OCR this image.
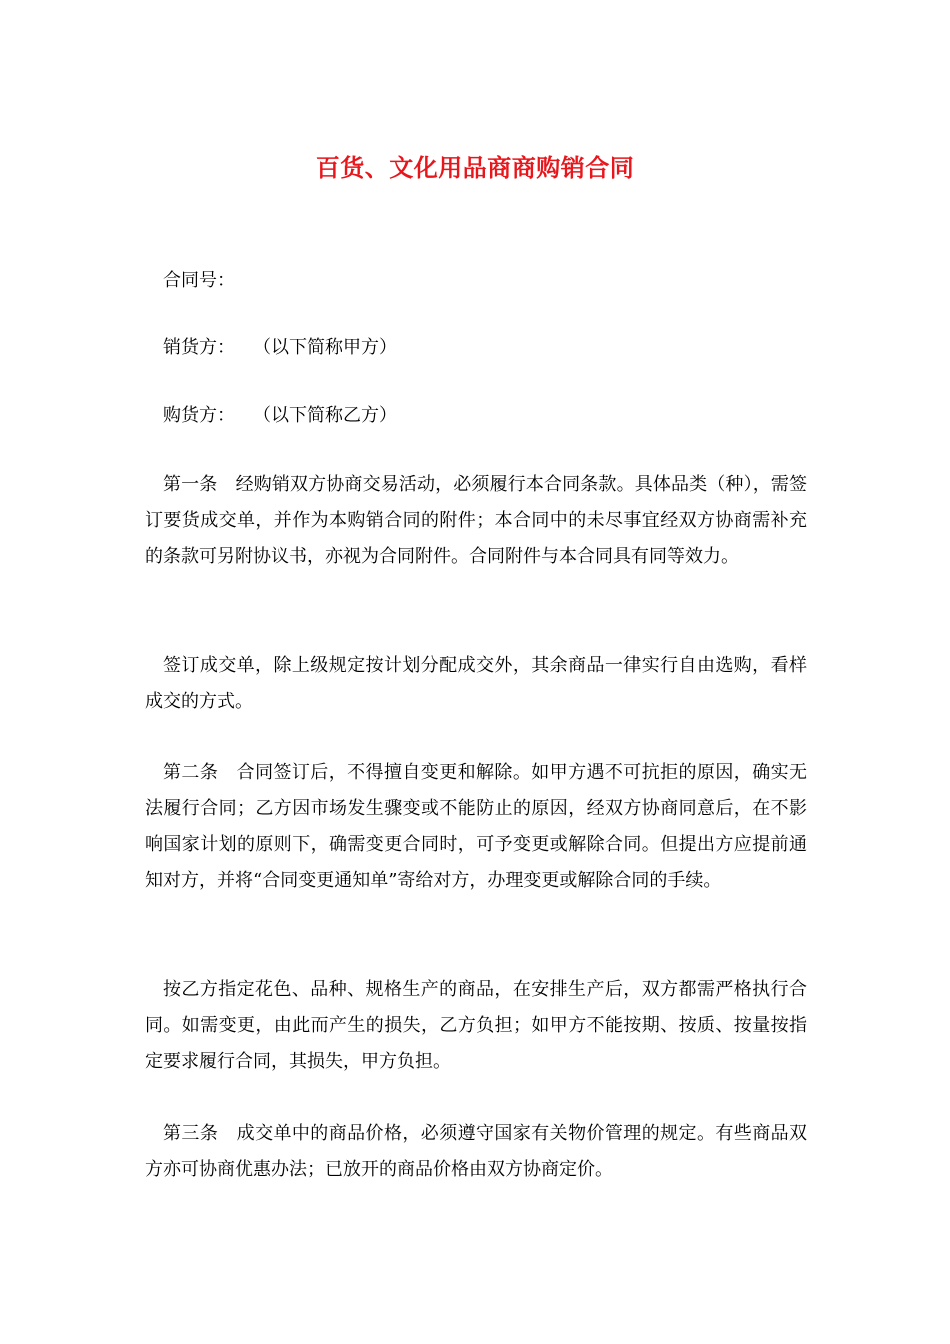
百货、文化用品商商购销合同

合同号：

销货方： （以下简称甲方）

购货方： （以下简称乙方）

第一条 经购销双方协商交易活动，必须履行本合同条款。具体品类（种），需签订要货成交单，并作为本购销合同的附件；本合同中的未尽事宜经双方协商需补充的条款可另附协议书，亦视为合同附件。合同附件与本合同具有同等效力。

签订成交单，除上级规定按计划分配成交外，其余商品一律实行自由选购，看样成交的方式。

第二条 合同签订后，不得擅自变更和解除。如甲方遇不可抗拒的原因，确实无法履行合同；乙方因市场发生骤变或不能防止的原因，经双方协商同意后，在不影响国家计划的原则下，确需变更合同时，可予变更或解除合同。但提出方应提前通知对方，并将“合同变更通知单”寄给对方，办理变更或解除合同的手续。

按乙方指定花色、品种、规格生产的商品，在安排生产后，双方都需严格执行合同。如需变更，由此而产生的损失，乙方负担；如甲方不能按期、按质、按量按指定要求履行合同，其损失，甲方负担。

第三条 成交单中的商品价格，必须遵守国家有关物价管理的规定。有些商品双方亦可协商优惠办法；已放开的商品价格由双方协商定价。
